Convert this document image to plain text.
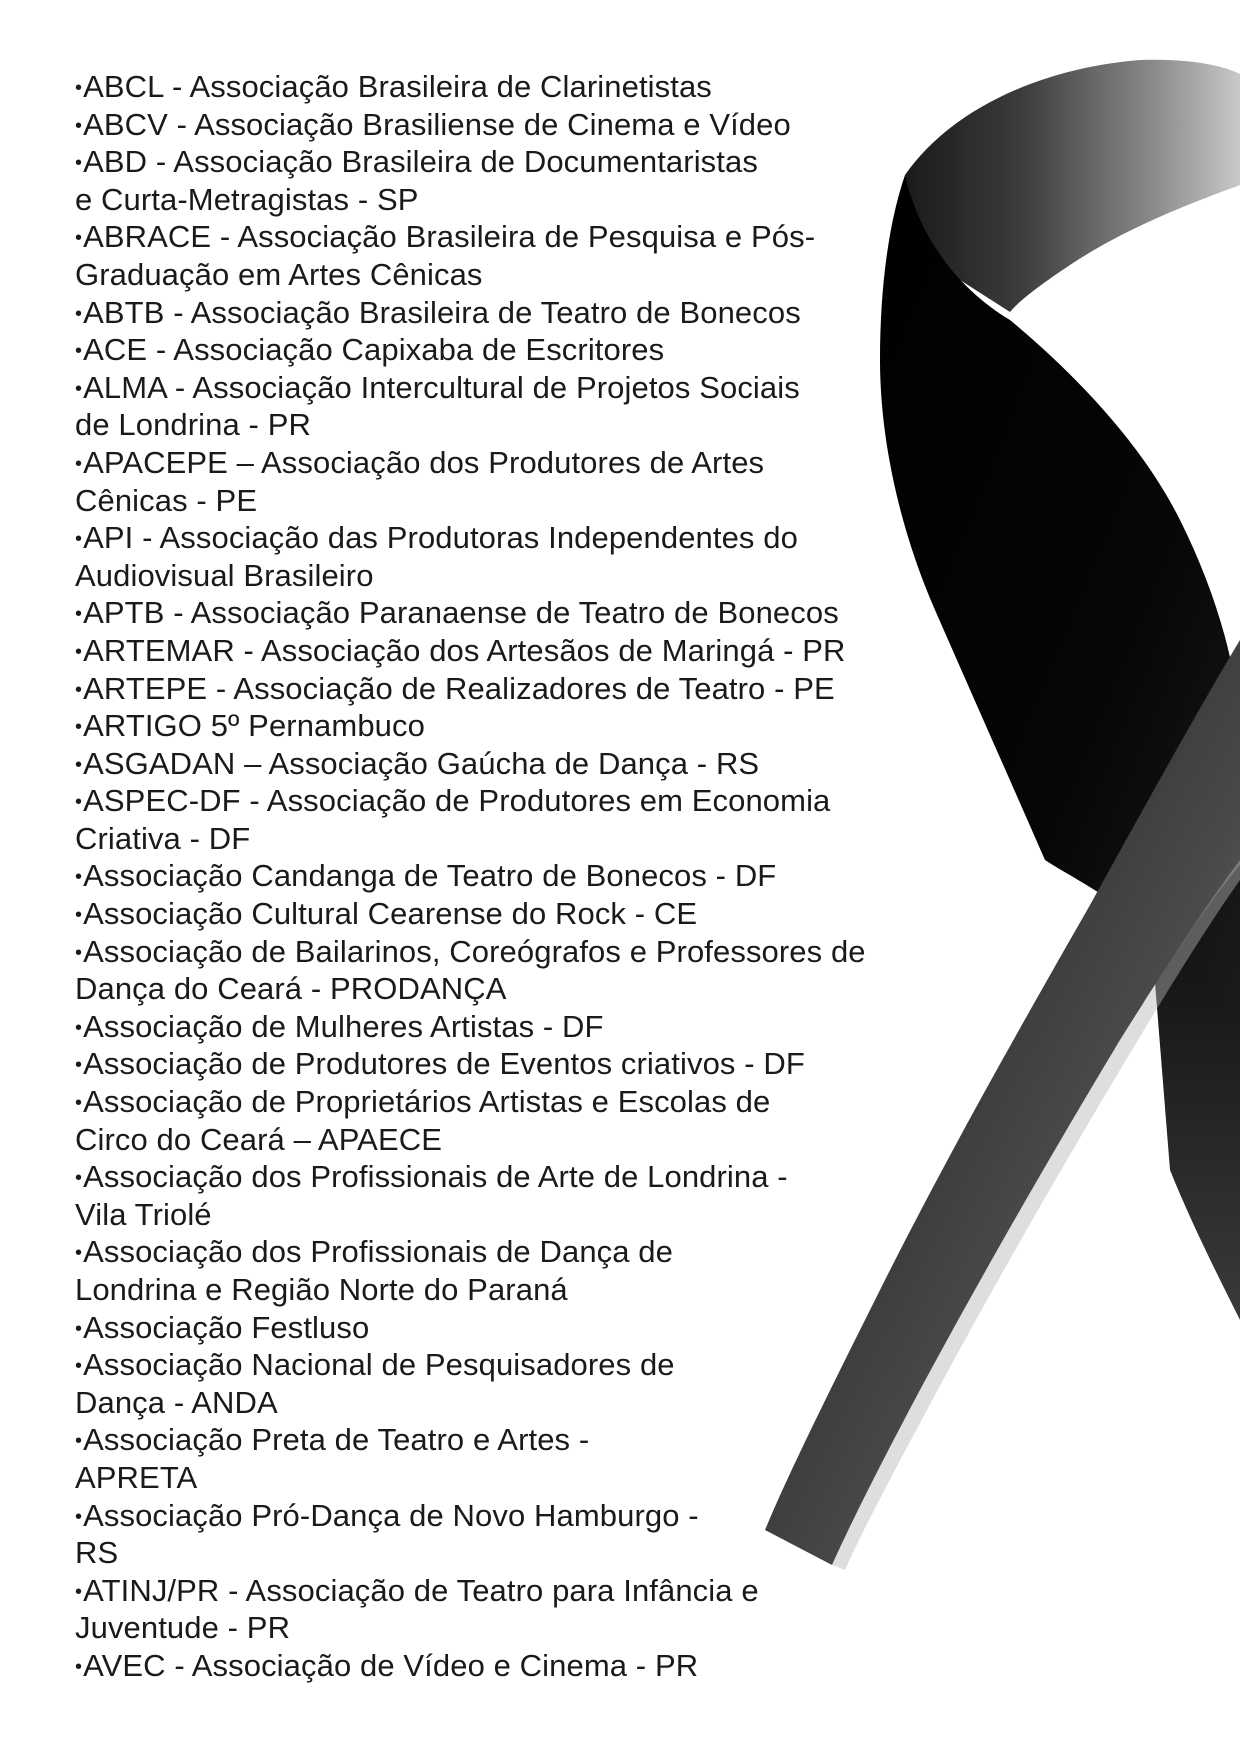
•ABCL - Associação Brasileira de Clarinetistas
•ABCV - Associação Brasiliense de Cinema e Vídeo
•ABD - Associação Brasileira de Documentaristas
e Curta-Metragistas - SP
•ABRACE - Associação Brasileira de Pesquisa e Pós-
Graduação em Artes Cênicas
•ABTB - Associação Brasileira de Teatro de Bonecos
•ACE - Associação Capixaba de Escritores
•ALMA - Associação Intercultural de Projetos Sociais
de Londrina - PR
•APACEPE – Associação dos Produtores de Artes
Cênicas - PE
•API - Associação das Produtoras Independentes do
Audiovisual Brasileiro
•APTB - Associação Paranaense de Teatro de Bonecos
•ARTEMAR - Associação dos Artesãos de Maringá - PR
•ARTEPE - Associação de Realizadores de Teatro - PE
•ARTIGO 5º Pernambuco
•ASGADAN – Associação Gaúcha de Dança - RS
•ASPEC-DF - Associação de Produtores em Economia
Criativa - DF
•Associação Candanga de Teatro de Bonecos - DF
•Associação Cultural Cearense do Rock - CE
•Associação de Bailarinos, Coreógrafos e Professores de
Dança do Ceará - PRODANÇA
•Associação de Mulheres Artistas - DF
•Associação de Produtores de Eventos criativos - DF
•Associação de Proprietários Artistas e Escolas de
Circo do Ceará – APAECE
•Associação dos Profissionais de Arte de Londrina -
Vila Triolé
•Associação dos Profissionais de Dança de
Londrina e Região Norte do Paraná
•Associação Festluso
•Associação Nacional de Pesquisadores de
Dança - ANDA
•Associação Preta de Teatro e Artes -
APRETA
•Associação Pró-Dança de Novo Hamburgo -
RS
•ATINJ/PR - Associação de Teatro para Infância e
Juventude - PR
•AVEC - Associação de Vídeo e Cinema - PR
